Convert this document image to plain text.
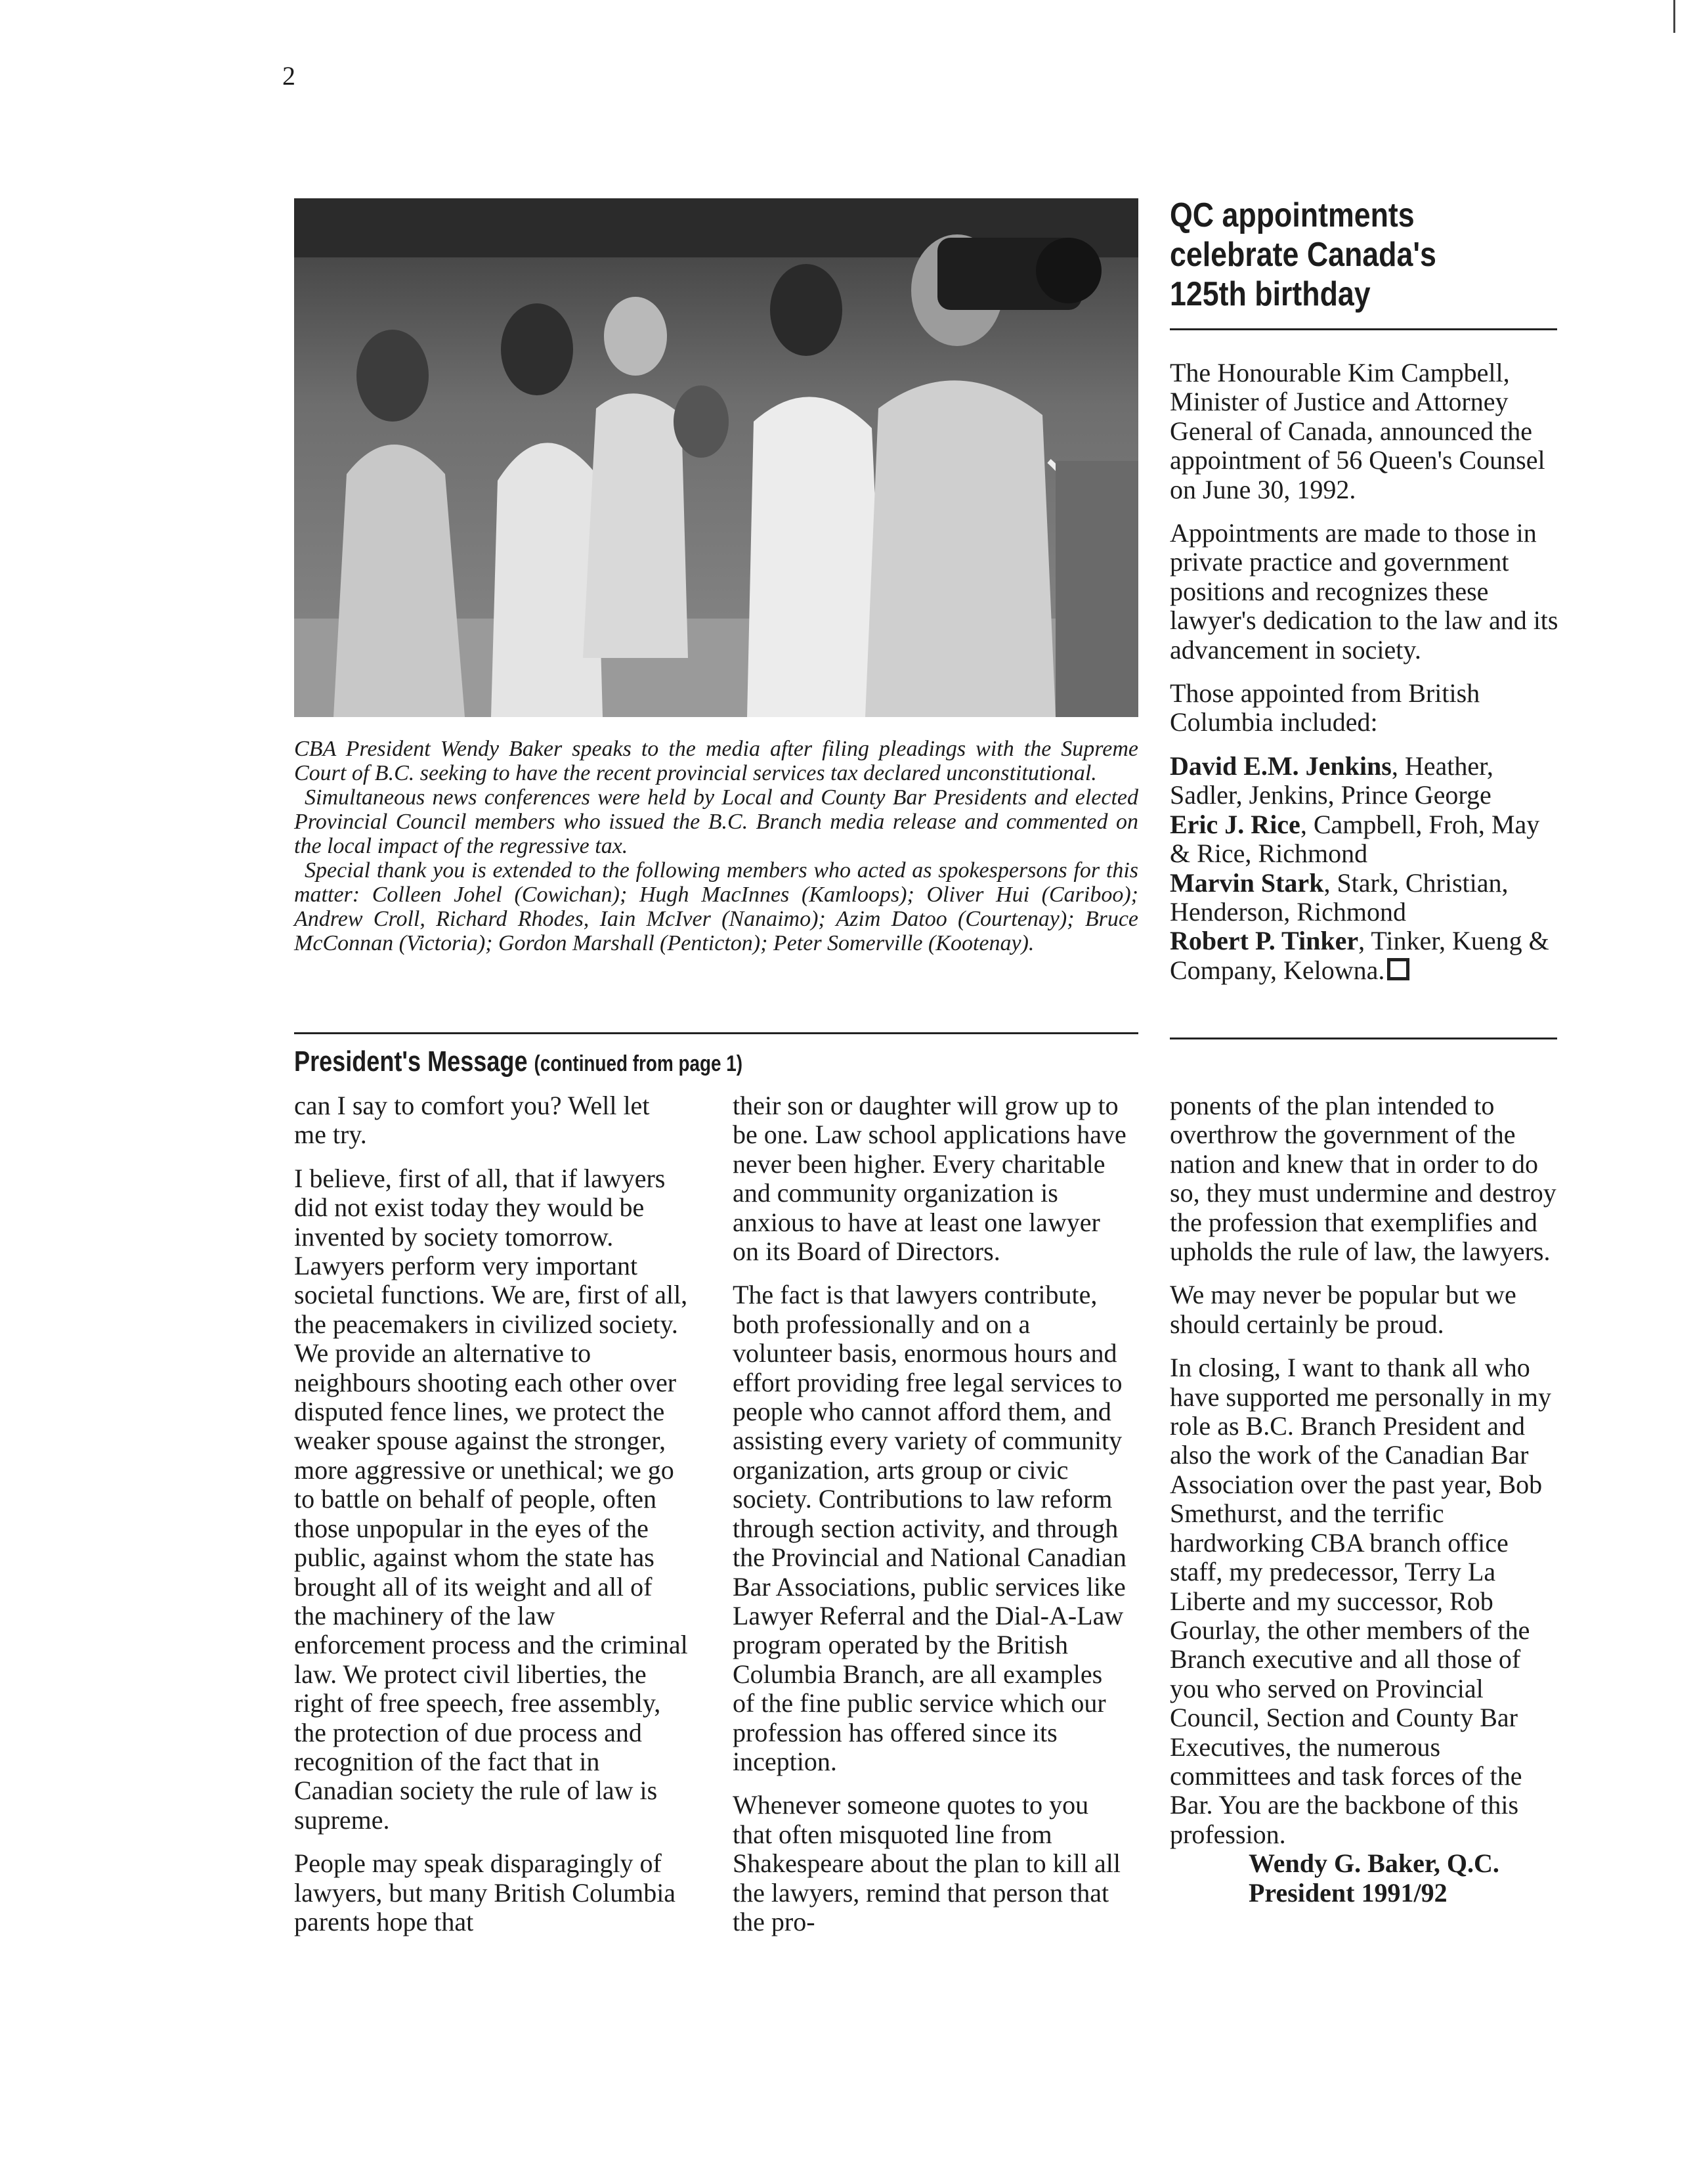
2

CBA President Wendy Baker speaks to the media after filing pleadings with the Supreme Court of B.C. seeking to have the recent provincial services tax declared unconstitutional.

Simultaneous news conferences were held by Local and County Bar Presidents and elected Provincial Council members who issued the B.C. Branch media release and commented on the local impact of the regressive tax.

Special thank you is extended to the following members who acted as spokespersons for this matter: Colleen Johel (Cowichan); Hugh MacInnes (Kamloops); Oliver Hui (Cariboo); Andrew Croll, Richard Rhodes, Iain McIver (Nanaimo); Azim Datoo (Courtenay); Bruce McConnan (Victoria); Gordon Marshall (Penticton); Peter Somerville (Kootenay).

President's Message (continued from page 1)

can I say to comfort you? Well let me try.

I believe, first of all, that if lawyers did not exist today they would be invented by society tomorrow. Lawyers perform very important societal functions. We are, first of all, the peacemakers in civilized society. We provide an alternative to neighbours shooting each other over disputed fence lines, we protect the weaker spouse against the stronger, more aggressive or unethical; we go to battle on behalf of people, often those unpopular in the eyes of the public, against whom the state has brought all of its weight and all of the machinery of the law enforcement process and the criminal law. We protect civil liberties, the right of free speech, free assembly, the protection of due process and recognition of the fact that in Canadian society the rule of law is supreme.

People may speak disparagingly of lawyers, but many British Columbia parents hope that

their son or daughter will grow up to be one. Law school applications have never been higher. Every charitable and community organization is anxious to have at least one lawyer on its Board of Directors.

The fact is that lawyers contribute, both professionally and on a volunteer basis, enormous hours and effort providing free legal services to people who cannot afford them, and assisting every variety of community organization, arts group or civic society. Contributions to law reform through section activity, and through the Provincial and National Canadian Bar Associations, public services like Lawyer Referral and the Dial-A-Law program operated by the British Columbia Branch, are all examples of the fine public service which our profession has offered since its inception.

Whenever someone quotes to you that often misquoted line from Shakespeare about the plan to kill all the lawyers, remind that person that the pro-

ponents of the plan intended to overthrow the government of the nation and knew that in order to do so, they must undermine and destroy the profession that exemplifies and upholds the rule of law, the lawyers.

We may never be popular but we should certainly be proud.

In closing, I want to thank all who have supported me personally in my role as B.C. Branch President and also the work of the Canadian Bar Association over the past year, Bob Smethurst, and the terrific hardworking CBA branch office staff, my predecessor, Terry La Liberte and my successor, Rob Gourlay, the other members of the Branch executive and all those of you who served on Provincial Council, Section and County Bar Executives, the numerous committees and task forces of the Bar. You are the backbone of this profession.

Wendy G. Baker, Q.C.

President 1991/92

QC appointments
celebrate Canada's
125th birthday

The Honourable Kim Campbell, Minister of Justice and Attorney General of Canada, announced the appointment of 56 Queen's Counsel on June 30, 1992.

Appointments are made to those in private practice and government positions and recognizes these lawyer's dedication to the law and its advancement in society.

Those appointed from British Columbia included:

David E.M. Jenkins, Heather, Sadler, Jenkins, Prince George
Eric J. Rice, Campbell, Froh, May & Rice, Richmond
Marvin Stark, Stark, Christian, Henderson, Richmond
Robert P. Tinker, Tinker, Kueng & Company, Kelowna.
